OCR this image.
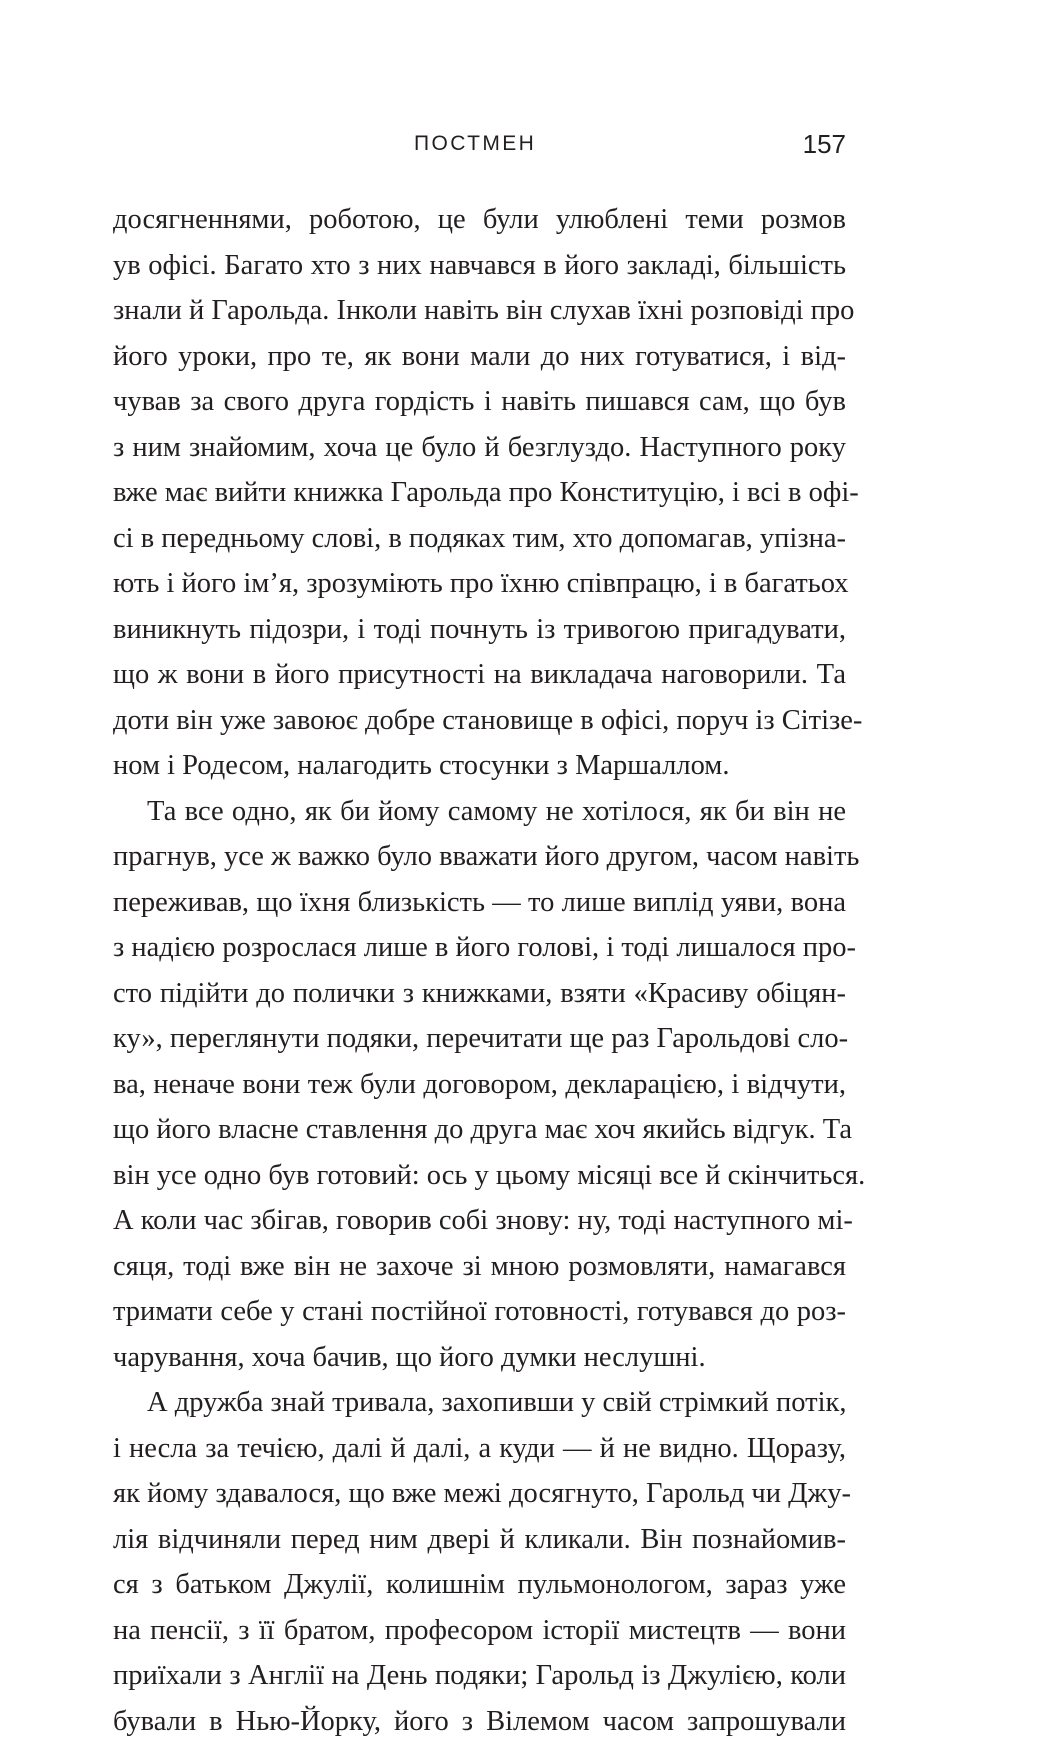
ПОСТМЕН	157
досягненнями, роботою, це були улюблені теми розмов
ув офісі. Багато хто з них навчався в його закладі, більшість
знали й Гарольда. Інколи навіть він слухав їхні розповіді про
його уроки, про те, як вони мали до них готуватися, і від-
чував за свого друга гордість і навіть пишався сам, що був
з ним знайомим, хоча це було й безглуздо. Наступного року
вже має вийти книжка Гарольда про Конституцію, і всі в офі-
сі в передньому слові, в подяках тим, хто допомагав, упізна-
ють і його ім’я, зрозуміють про їхню співпрацю, і в багатьох
виникнуть підозри, і тоді почнуть із тривогою пригадувати,
що ж вони в його присутності на викладача наговорили. Та
доти він уже завоює добре становище в офісі, поруч із Сітізе-
ном і Родесом, налагодить стосунки з Маршаллом.
Та все одно, як би йому самому не хотілося, як би він не
прагнув, усе ж важко було вважати його другом, часом навіть
переживав, що їхня близькість — то лише виплід уяви, вона
з надією розрослася лише в його голові, і тоді лишалося про-
сто підійти до полички з книжками, взяти «Красиву обіцян-
ку», переглянути подяки, перечитати ще раз Гарольдові сло-
ва, неначе вони теж були договором, декларацією, і відчути,
що його власне ставлення до друга має хоч якийсь відгук. Та
він усе одно був готовий: ось у цьому місяці все й скінчиться.
А коли час збігав, говорив собі знову: ну, тоді наступного мі-
сяця, тоді вже він не захоче зі мною розмовляти, намагався
тримати себе у стані постійної готовності, готувався до роз-
чарування, хоча бачив, що його думки неслушні.
А дружба знай тривала, захопивши у свій стрімкий потік,
і несла за течією, далі й далі, а куди — й не видно. Щоразу,
як йому здавалося, що вже межі досягнуто, Гарольд чи Джу-
лія відчиняли перед ним двері й кликали. Він познайомив-
ся з батьком Джулії, колишнім пульмонологом, зараз уже
на пенсії, з її братом, професором історії мистецтв — вони
приїхали з Англії на День подяки; Гарольд із Джулією, коли
бували в Нью-Йорку, його з Вілемом часом запрошували
